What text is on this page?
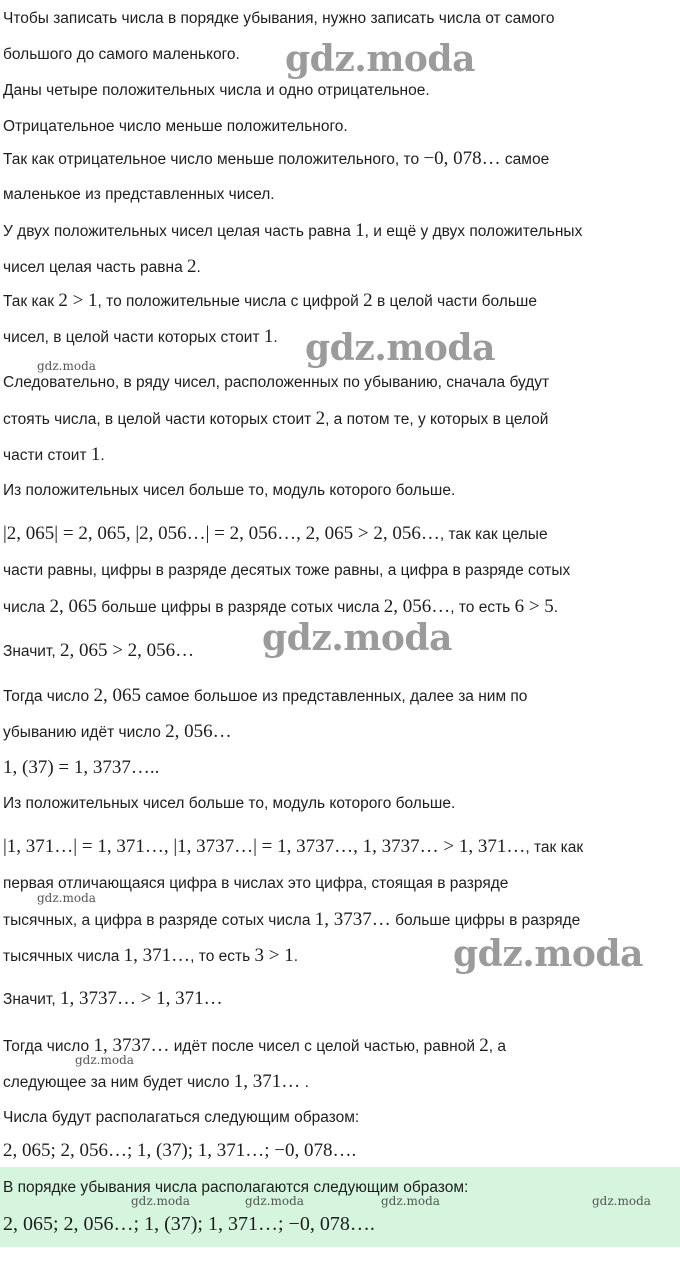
Чтобы записать числа в порядке убывания, нужно записать числа от самого
большого до самого маленького.
Даны четыре положительных числа и одно отрицательное.
Отрицательное число меньше положительного.
Так как отрицательное число меньше положительного, то −0, 078… самое
маленькое из представленных чисел.
У двух положительных чисел целая часть равна 1, и ещё у двух положительных
чисел целая часть равна 2.
Так как 2 > 1, то положительные числа с цифрой 2 в целой части больше
чисел, в целой части которых стоит 1.
Следовательно, в ряду чисел, расположенных по убыванию, сначала будут
стоять числа, в целой части которых стоит 2, а потом те, у которых в целой
части стоит 1.
Из положительных чисел больше то, модуль которого больше.
|2, 065| = 2, 065, |2, 056…| = 2, 056…, 2, 065 > 2, 056…, так как целые
части равны, цифры в разряде десятых тоже равны, а цифра в разряде сотых
числа 2, 065 больше цифры в разряде сотых числа 2, 056…, то есть 6 > 5.
Значит, 2, 065 > 2, 056…
Тогда число 2, 065 самое большое из представленных, далее за ним по
убыванию идёт число 2, 056…
1, (37) = 1, 3737…..
Из положительных чисел больше то, модуль которого больше.
|1, 371…| = 1, 371…, |1, 3737…| = 1, 3737…, 1, 3737… > 1, 371…, так как
первая отличающаяся цифра в числах это цифра, стоящая в разряде
тысячных, а цифра в разряде сотых числа 1, 3737… больше цифры в разряде
тысячных числа 1, 371…, то есть 3 > 1.
Значит, 1, 3737… > 1, 371…
Тогда число 1, 3737… идёт после чисел с целой частью, равной 2, а
следующее за ним будет число 1, 371… .
Числа будут располагаться следующим образом:
2, 065; 2, 056…; 1, (37); 1, 371…; −0, 078….
В порядке убывания числа располагаются следующим образом:
2, 065; 2, 056…; 1, (37); 1, 371…; −0, 078….
gdz.moda
gdz.moda
gdz.moda
gdz.moda
gdz.moda
gdz.moda
gdz.moda
gdz.moda	gdz.moda	gdz.moda	gdz.moda
